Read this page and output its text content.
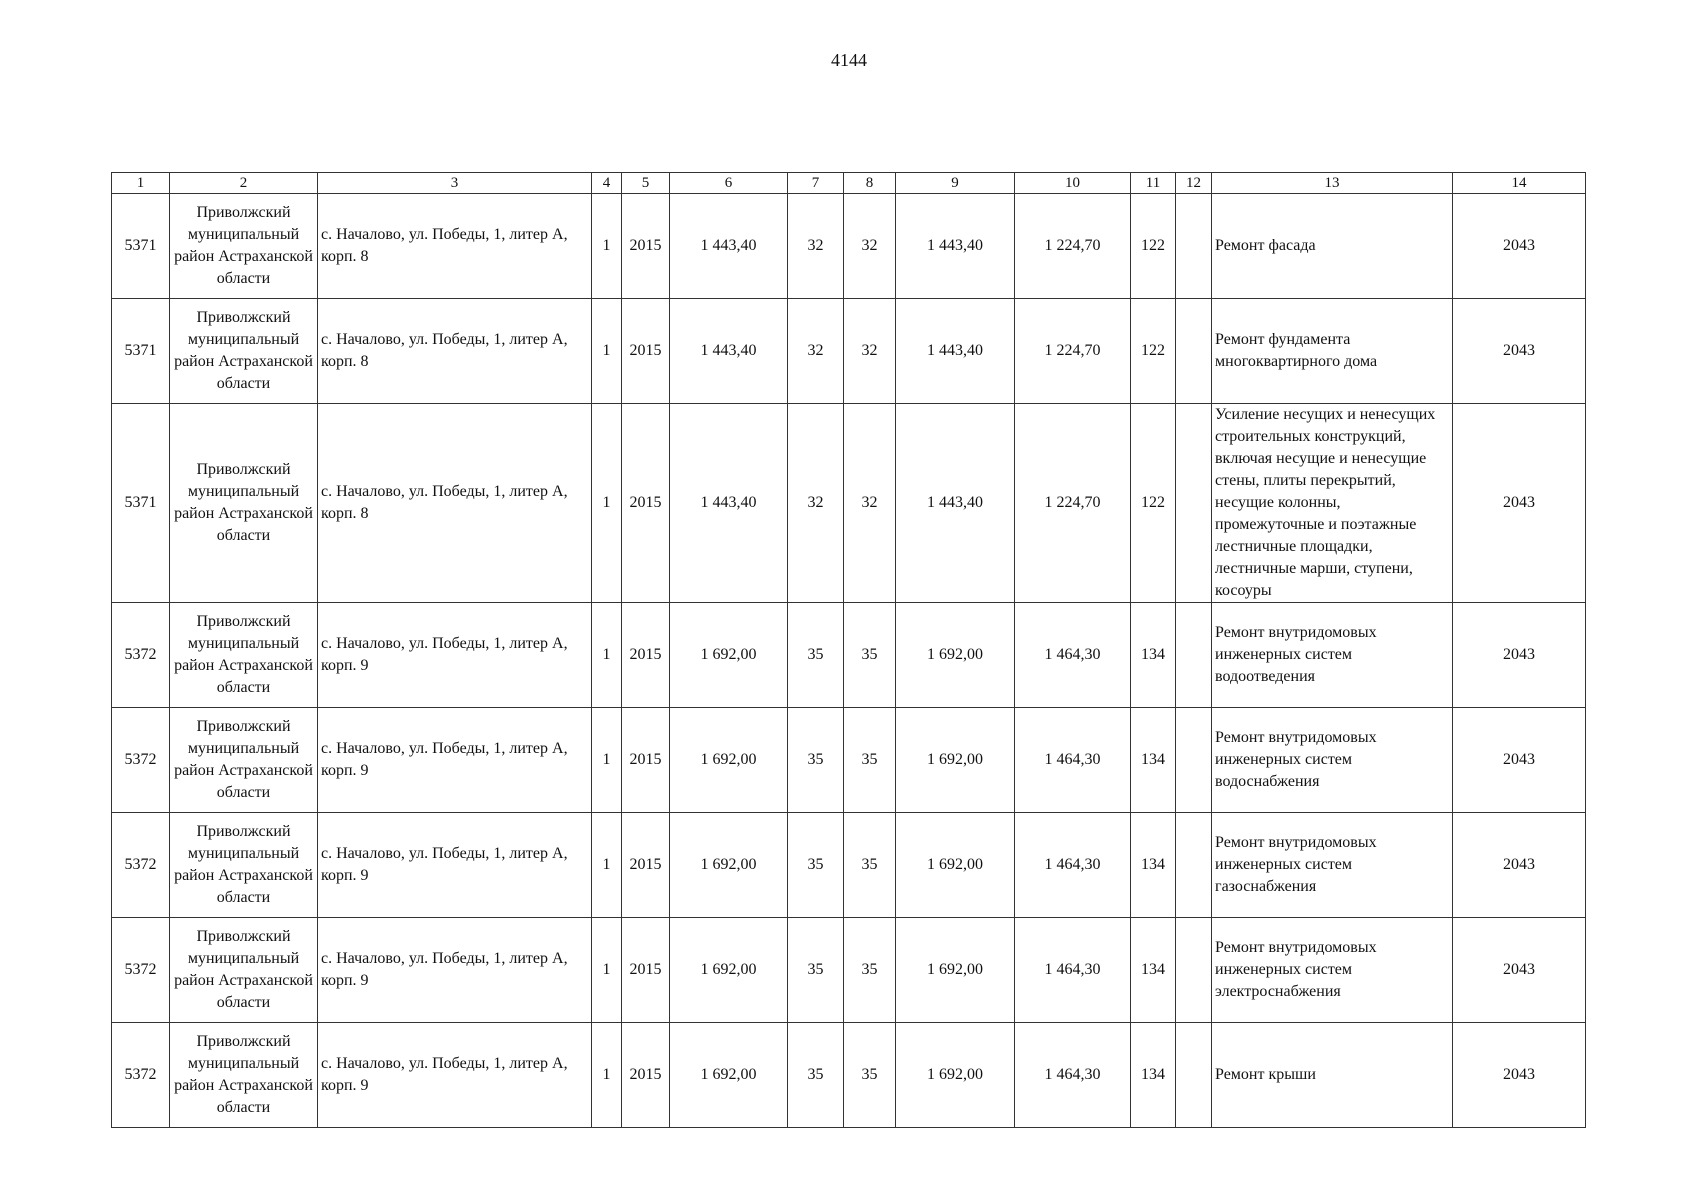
4144
1	2	3	4	5	6	7	8	9	10	11	12	13	14
5371	Приволжский муниципальный район Астраханской области	с. Началово, ул. Победы, 1, литер А, корп. 8	1	2015	1 443,40	32	32	1 443,40	1 224,70	122		Ремонт фасада	2043
5371	Приволжский муниципальный район Астраханской области	с. Началово, ул. Победы, 1, литер А, корп. 8	1	2015	1 443,40	32	32	1 443,40	1 224,70	122		Ремонт фундамента многоквартирного дома	2043
5371	Приволжский муниципальный район Астраханской области	с. Началово, ул. Победы, 1, литер А, корп. 8	1	2015	1 443,40	32	32	1 443,40	1 224,70	122		Усиление несущих и ненесущих строительных конструкций, включая несущие и ненесущие стены, плиты перекрытий, несущие колонны, промежуточные и поэтажные лестничные площадки, лестничные марши, ступени, косоуры	2043
5372	Приволжский муниципальный район Астраханской области	с. Началово, ул. Победы, 1, литер А, корп. 9	1	2015	1 692,00	35	35	1 692,00	1 464,30	134		Ремонт внутридомовых инженерных систем водоотведения	2043
5372	Приволжский муниципальный район Астраханской области	с. Началово, ул. Победы, 1, литер А, корп. 9	1	2015	1 692,00	35	35	1 692,00	1 464,30	134		Ремонт внутридомовых инженерных систем водоснабжения	2043
5372	Приволжский муниципальный район Астраханской области	с. Началово, ул. Победы, 1, литер А, корп. 9	1	2015	1 692,00	35	35	1 692,00	1 464,30	134		Ремонт внутридомовых инженерных систем газоснабжения	2043
5372	Приволжский муниципальный район Астраханской области	с. Началово, ул. Победы, 1, литер А, корп. 9	1	2015	1 692,00	35	35	1 692,00	1 464,30	134		Ремонт внутридомовых инженерных систем электроснабжения	2043
5372	Приволжский муниципальный район Астраханской области	с. Началово, ул. Победы, 1, литер А, корп. 9	1	2015	1 692,00	35	35	1 692,00	1 464,30	134		Ремонт крыши	2043
